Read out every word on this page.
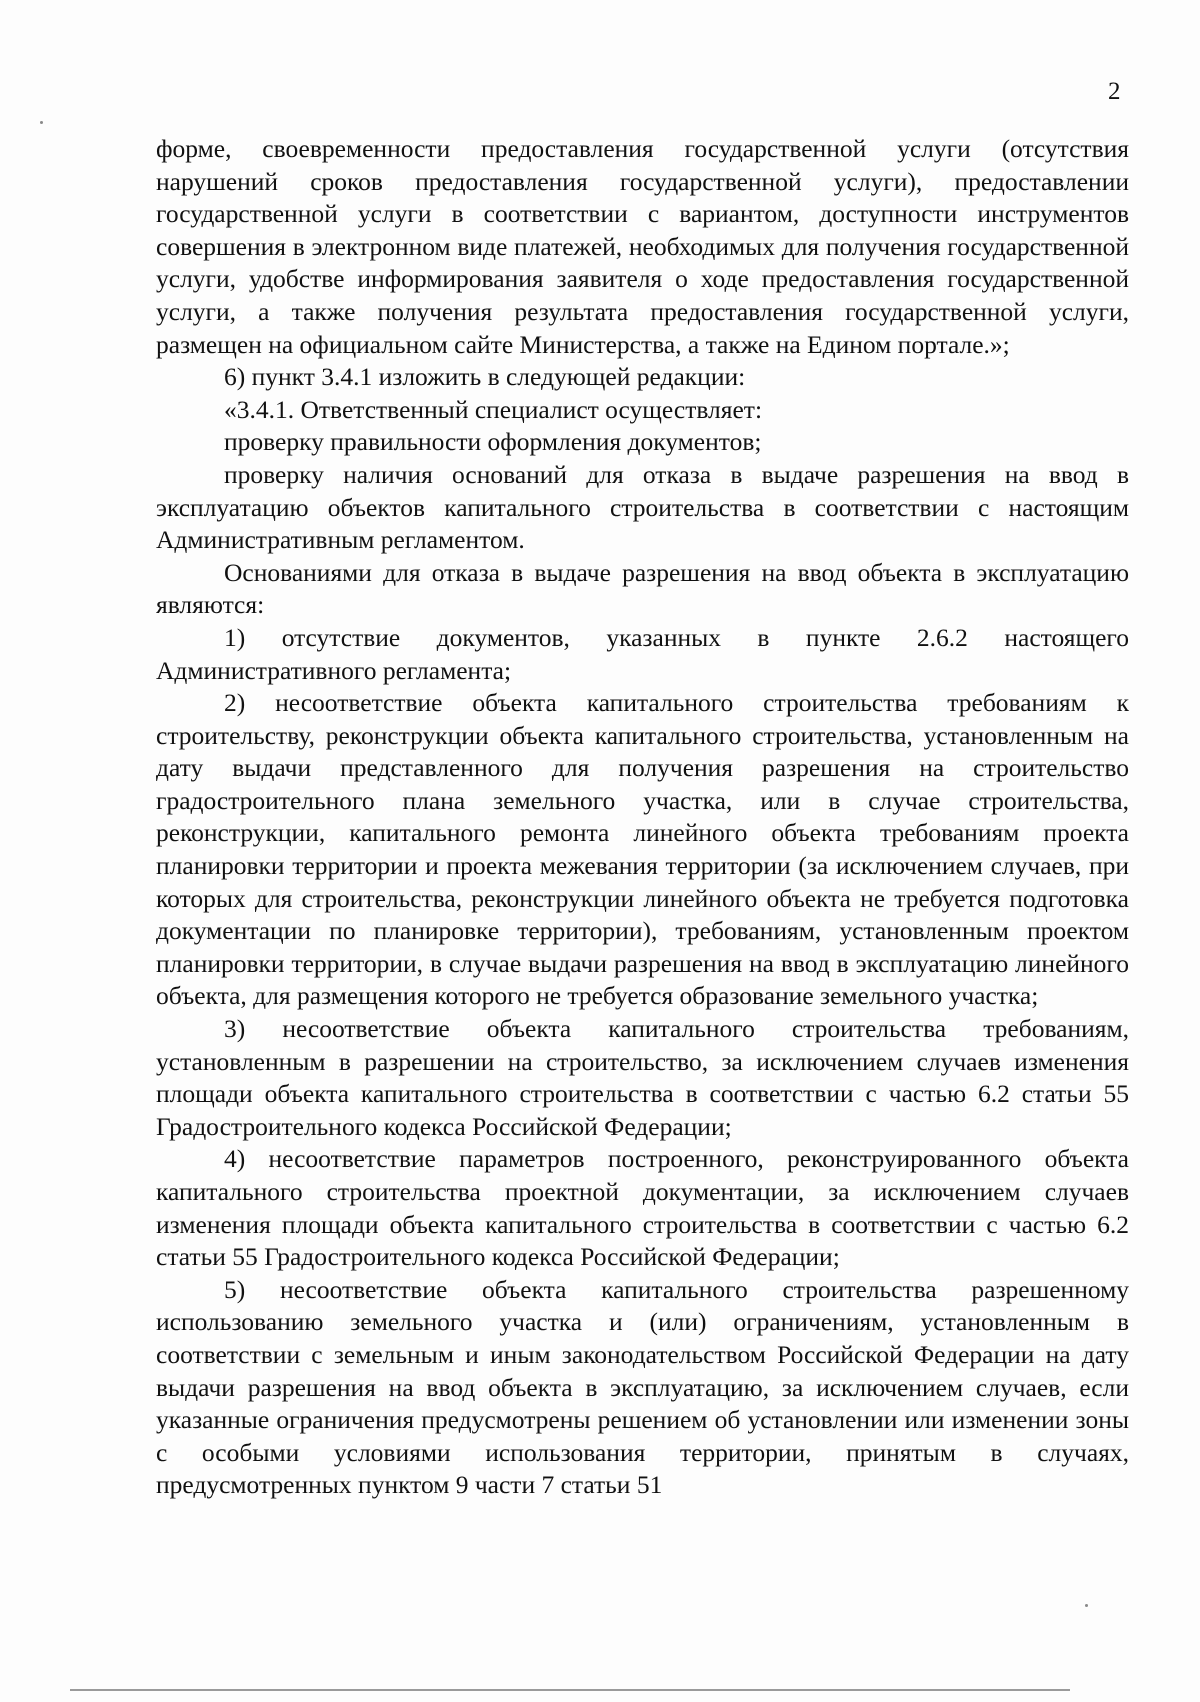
2

форме, своевременности предоставления государственной услуги (отсутствия нарушений сроков предоставления государственной услуги), предоставлении государственной услуги в соответствии с вариантом, доступности инструментов совершения в электронном виде платежей, необходимых для получения государственной услуги, удобстве информирования заявителя о ходе предоставления государственной услуги, а также получения результата предоставления государственной услуги, размещен на официальном сайте Министерства, а также на Едином портале.»;

6) пункт 3.4.1 изложить в следующей редакции:

«3.4.1. Ответственный специалист осуществляет:

проверку правильности оформления документов;

проверку наличия оснований для отказа в выдаче разрешения на ввод в эксплуатацию объектов капитального строительства в соответствии с настоящим Административным регламентом.

Основаниями для отказа в выдаче разрешения на ввод объекта в эксплуатацию являются:

1) отсутствие документов, указанных в пункте 2.6.2 настоящего Административного регламента;

2) несоответствие объекта капитального строительства требованиям к строительству, реконструкции объекта капитального строительства, установленным на дату выдачи представленного для получения разрешения на строительство градостроительного плана земельного участка, или в случае строительства, реконструкции, капитального ремонта линейного объекта требованиям проекта планировки территории и проекта межевания территории (за исключением случаев, при которых для строительства, реконструкции линейного объекта не требуется подготовка документации по планировке территории), требованиям, установленным проектом планировки территории, в случае выдачи разрешения на ввод в эксплуатацию линейного объекта, для размещения которого не требуется образование земельного участка;

3) несоответствие объекта капитального строительства требованиям, установленным в разрешении на строительство, за исключением случаев изменения площади объекта капитального строительства в соответствии с частью 6.2 статьи 55 Градостроительного кодекса Российской Федерации;

4) несоответствие параметров построенного, реконструированного объекта капитального строительства проектной документации, за исключением случаев изменения площади объекта капитального строительства в соответствии с частью 6.2 статьи 55 Градостроительного кодекса Российской Федерации;

5) несоответствие объекта капитального строительства разрешенному использованию земельного участка и (или) ограничениям, установленным в соответствии с земельным и иным законодательством Российской Федерации на дату выдачи разрешения на ввод объекта в эксплуатацию, за исключением случаев, если указанные ограничения предусмотрены решением об установлении или изменении зоны с особыми условиями использования территории, принятым в случаях, предусмотренных пунктом 9 части 7 статьи 51
